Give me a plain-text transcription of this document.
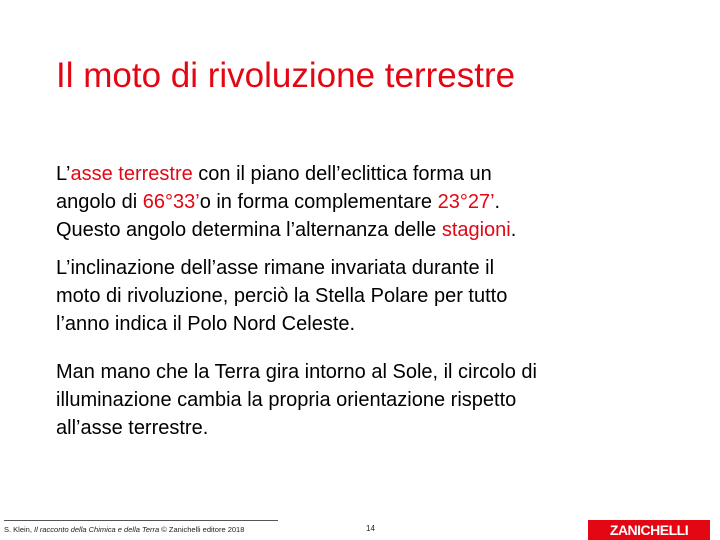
Il moto di rivoluzione terrestre

L’asse terrestre con il piano dell’eclittica forma un
angolo di 66°33’o in forma complementare 23°27’.
Questo angolo determina l’alternanza delle stagioni.

L’inclinazione dell’asse rimane invariata durante il
moto di rivoluzione, perciò la Stella Polare per tutto
l’anno indica il Polo Nord Celeste.

Man mano che la Terra gira intorno al Sole, il circolo di
illuminazione cambia la propria orientazione rispetto
all’asse terrestre.

S. Klein, Il racconto della Chimica e della Terra © Zanichelli editore 2018	14	ZANICHELLI
